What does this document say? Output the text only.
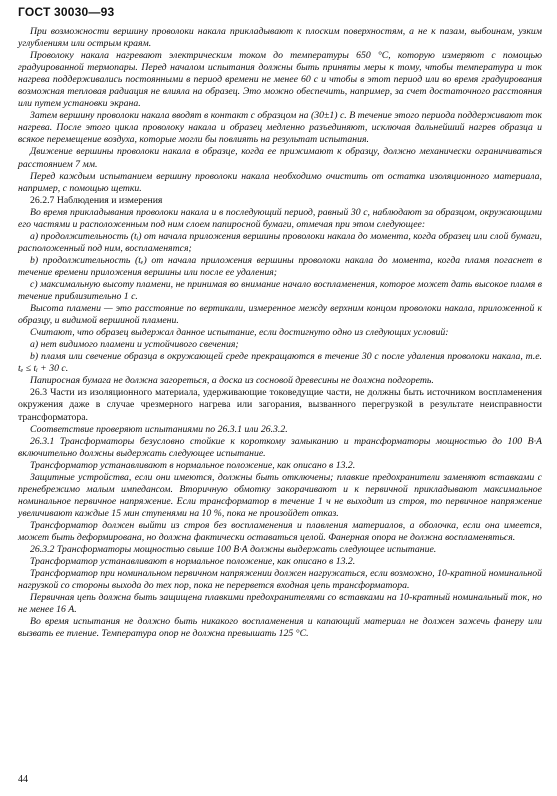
ГОСТ 30030—93

При возможности вершину проволоки накала прикладывают к плоским поверхностям, а не к пазам, выбоинам, узким углублениям или острым краям.

Проволоку накала нагревают электрическим током до температуры 650 °С, которую измеряют с помощью градуированной термопары. Перед началом испытания должны быть приняты меры к тому, чтобы температура и ток нагрева поддерживались постоянными в период времени не менее 60 с и чтобы в этот период или во время градуирования возможная тепловая радиация не влияла на образец. Это можно обеспечить, например, за счет достаточного расстояния или путем установки экрана.

Затем вершину проволоки накала вводят в контакт с образцом на (30±1) с. В течение этого периода поддерживают ток нагрева. После этого цикла проволоку накала и образец медленно разъединяют, исключая дальнейший нагрев образца и всякое перемещение воздуха, которые могли бы повлиять на результат испытания.

Движение вершины проволоки накала в образце, когда ее прижимают к образцу, должно механически ограничиваться расстоянием 7 мм.

Перед каждым испытанием вершину проволоки накала необходимо очистить от остатка изоляционного материала, например, с помощью щетки.

26.2.7 Наблюдения и измерения

Во время прикладывания проволоки накала и в последующий период, равный 30 с, наблюдают за образцом, окружающими его частями и расположенным под ним слоем папиросной бумаги, отмечая при этом следующее:

а) продолжительность (tᵢ) от начала приложения вершины проволоки накала до момента, когда образец или слой бумаги, расположенный под ним, воспламенятся;

b) продолжительность (tₑ) от начала приложения вершины проволоки накала до момента, когда пламя погаснет в течение времени приложения вершины или после ее удаления;

с) максимальную высоту пламени, не принимая во внимание начало воспламенения, которое может дать высокое пламя в течение приблизительно 1 с.

Высота пламени — это расстояние по вертикали, измеренное между верхним концом проволоки накала, приложенной к образцу, и видимой вершиной пламени.

Считают, что образец выдержал данное испытание, если достигнуто одно из следующих условий:

а) нет видимого пламени и устойчивого свечения;

b) пламя или свечение образца в окружающей среде прекращаются в течение 30 с после удаления проволоки накала, т.е. tₑ ≤ tᵢ + 30 с.

Папиросная бумага не должна загореться, а доска из сосновой древесины не должна подгореть.

26.3 Части из изоляционного материала, удерживающие токоведущие части, не должны быть источником воспламенения окружения даже в случае чрезмерного нагрева или загорания, вызванного перегрузкой в результате неисправности трансформатора.

Соответствие проверяют испытаниями по 26.3.1 или 26.3.2.

26.3.1 Трансформаторы безусловно стойкие к короткому замыканию и трансформаторы мощностью до 100 В·А включительно должны выдержать следующее испытание.

Трансформатор устанавливают в нормальное положение, как описано в 13.2.

Защитные устройства, если они имеются, должны быть отключены; плавкие предохранители заменяют вставками с пренебрежимо малым импедансом. Вторичную обмотку закорачивают и к первичной прикладывают максимальное номинальное первичное напряжение. Если трансформатор в течение 1 ч не выходит из строя, то первичное напряжение увеличивают каждые 15 мин ступенями на 10 %, пока не произойдет отказ.

Трансформатор должен выйти из строя без воспламенения и плавления материалов, а оболочка, если она имеется, может быть деформирована, но должна фактически оставаться целой. Фанерная опора не должна воспламеняться.

26.3.2 Трансформаторы мощностью свыше 100 В·А должны выдержать следующее испытание.

Трансформатор устанавливают в нормальное положение, как описано в 13.2.

Трансформатор при номинальном первичном напряжении должен нагружаться, если возможно, 10-кратной номинальной нагрузкой со стороны выхода до тех пор, пока не перервется входная цепь трансформатора.

Первичная цепь должна быть защищена плавкими предохранителями со вставками на 10-кратный номинальный ток, но не менее 16 А.

Во время испытания не должно быть никакого воспламенения и капающий материал не должен зажечь фанеру или вызвать ее тление. Температура опор не должна превышать 125 °С.

44
